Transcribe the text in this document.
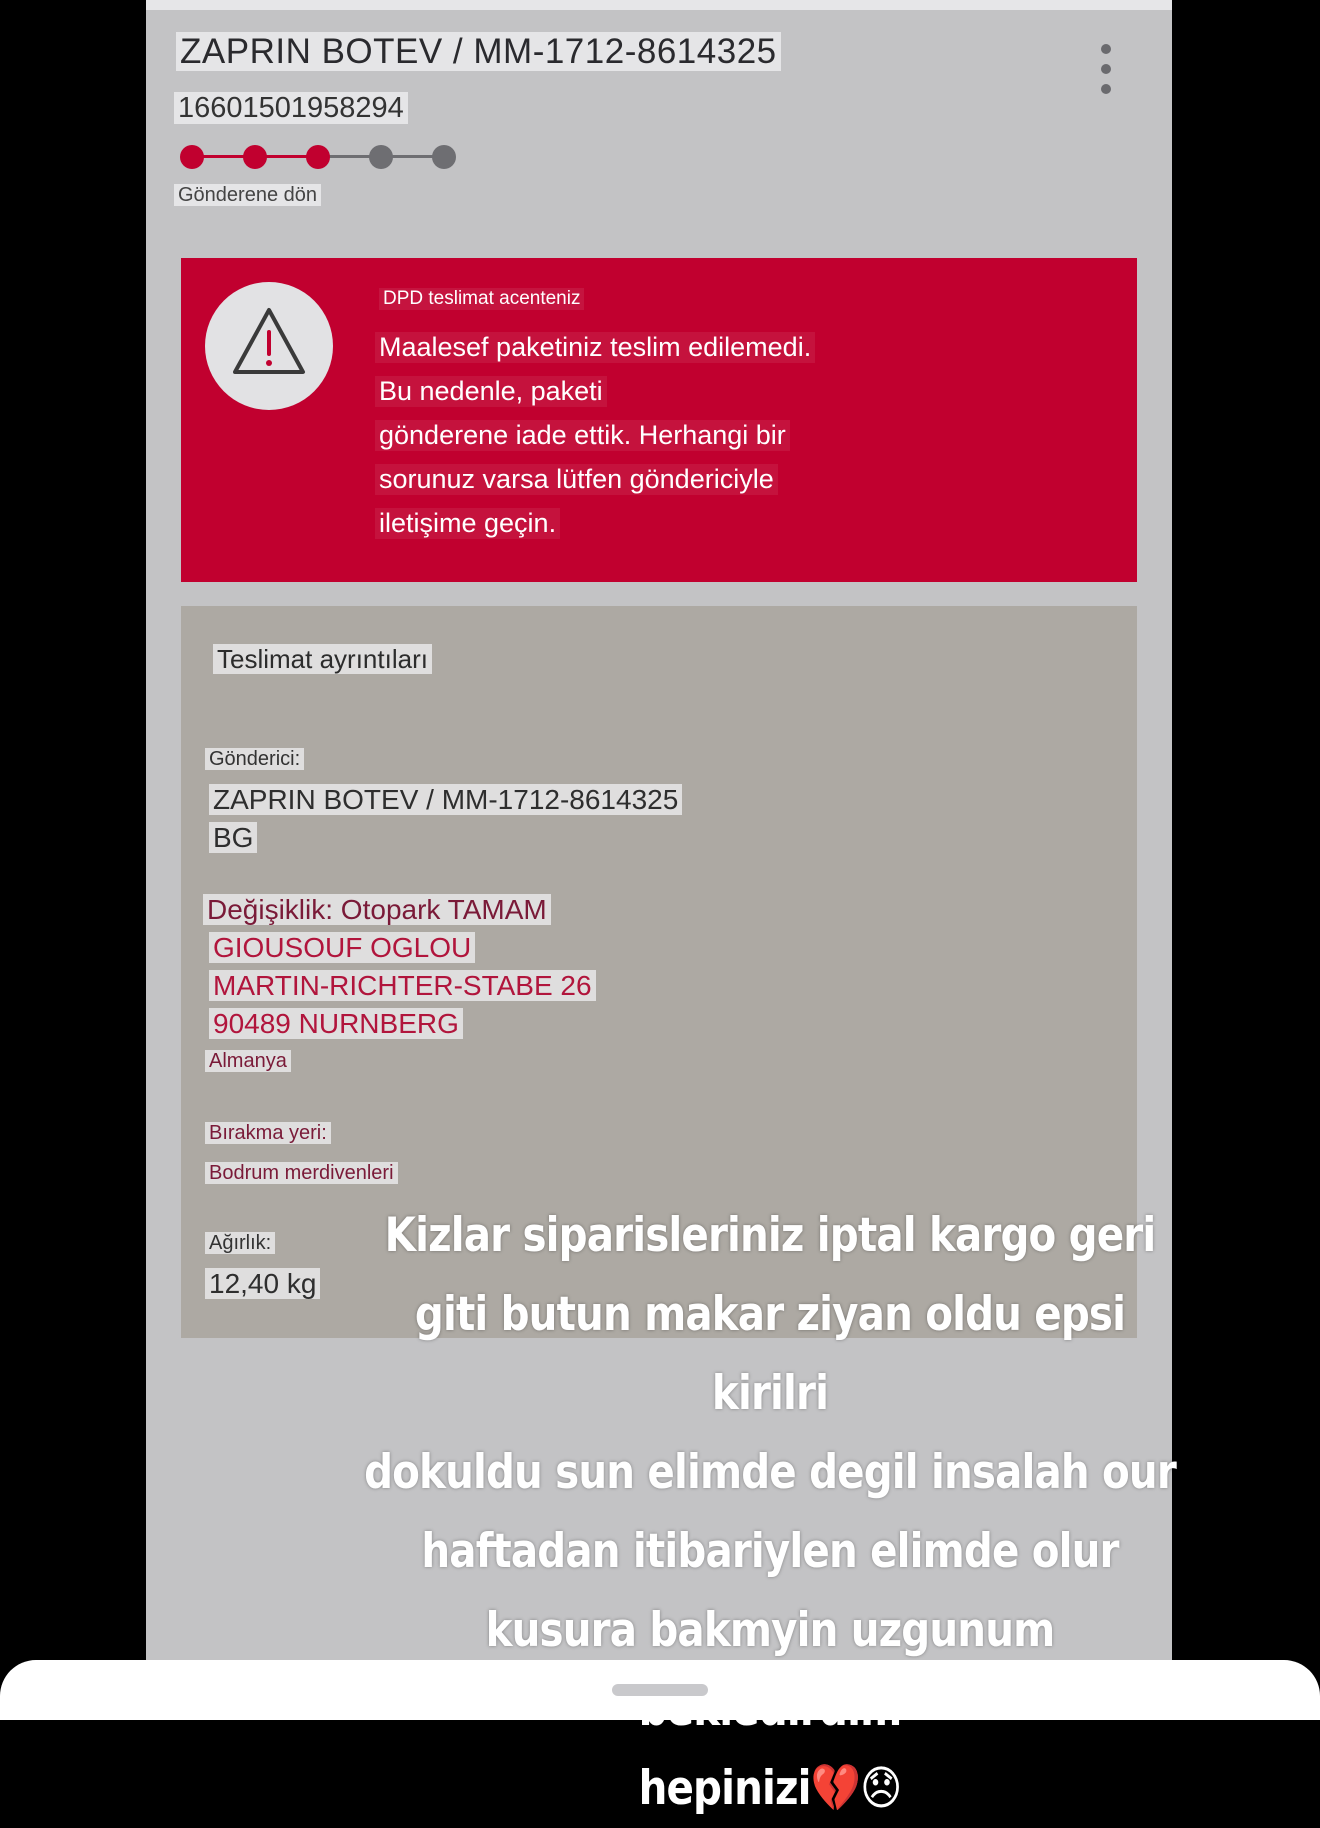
ZAPRIN BOTEV / MM-1712-8614325
16601501958294
Gönderene dön
DPD teslimat acenteniz
Maalesef paketiniz teslim edilemedi.
Bu nedenle, paketi
gönderene iade ettik. Herhangi bir
sorunuz varsa lütfen göndericiyle
iletişime geçin.
Teslimat ayrıntıları
Gönderici:
ZAPRIN BOTEV / MM-1712-8614325
BG
Değişiklik: Otopark TAMAM
GIOUSOUF OGLOU
MARTIN-RICHTER-STABE 26
90489 NURNBERG
Almanya
Bırakma yeri:
Bodrum merdivenleri
Ağırlık:
12,40 kg
Kizlar siparisleriniz iptal kargo geri
giti butun makar ziyan oldu epsi kirilri
dokuldu sun elimde degil insalah our
haftadan itibariylen elimde olur
kusura bakmyin uzgunum
hepinizi💔😞
